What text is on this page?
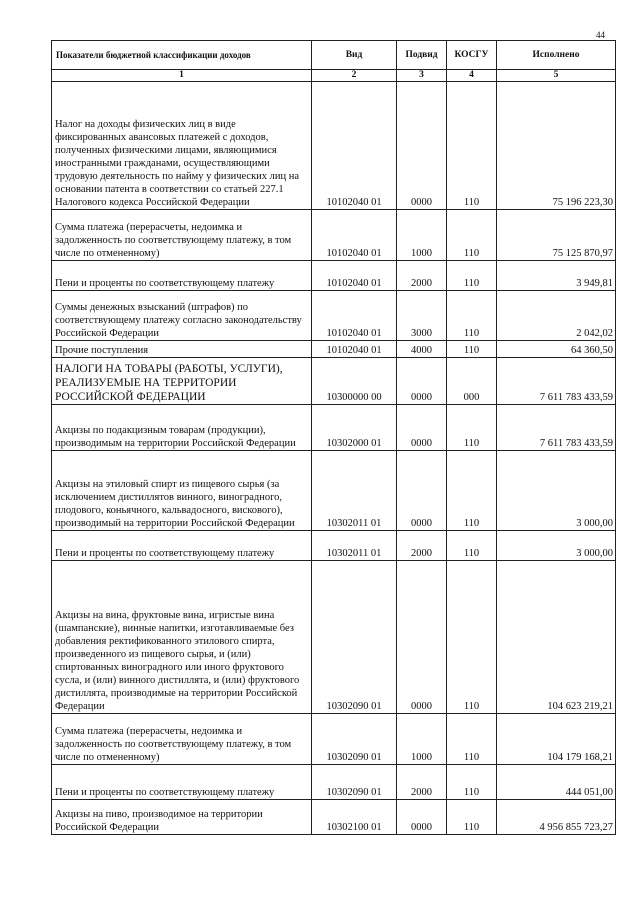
44
Показатели бюджетной классификации доходов	Вид	Подвид	КОСГУ	Исполнено
1	2	3	4	5
Налог на доходы физических лиц в виде фиксированных авансовых платежей с доходов, полученных физическими лицами, являющимися иностранными гражданами, осуществляющими трудовую деятельность по найму у физических лиц на основании патента в соответствии со статьей 227.1 Налогового кодекса Российской Федерации	10102040 01	0000	110	75 196 223,30
Сумма платежа (перерасчеты, недоимка и задолженность по соответствующему платежу, в том числе по отмененному)	10102040 01	1000	110	75 125 870,97
Пени и проценты по соответствующему платежу	10102040 01	2000	110	3 949,81
Суммы денежных взысканий (штрафов) по соответствующему платежу согласно законодательству Российской Федерации	10102040 01	3000	110	2 042,02
Прочие поступления	10102040 01	4000	110	64 360,50
НАЛОГИ НА ТОВАРЫ (РАБОТЫ, УСЛУГИ), РЕАЛИЗУЕМЫЕ НА ТЕРРИТОРИИ РОССИЙСКОЙ ФЕДЕРАЦИИ	10300000 00	0000	000	7 611 783 433,59
Акцизы по подакцизным товарам (продукции), производимым на территории Российской Федерации	10302000 01	0000	110	7 611 783 433,59
Акцизы на этиловый спирт из пищевого сырья (за исключением дистиллятов винного, виноградного, плодового, коньячного, кальвадосного, вискового), производимый на территории Российской Федерации	10302011 01	0000	110	3 000,00
Пени и проценты по соответствующему платежу	10302011 01	2000	110	3 000,00
Акцизы на вина, фруктовые вина, игристые вина (шампанские), винные напитки, изготавливаемые без добавления ректификованного этилового спирта, произведенного из пищевого сырья, и (или) спиртованных виноградного или иного фруктового сусла, и (или) винного дистиллята, и (или) фруктового дистиллята, производимые на территории Российской Федерации	10302090 01	0000	110	104 623 219,21
Сумма платежа (перерасчеты, недоимка и задолженность по соответствующему платежу, в том числе по отмененному)	10302090 01	1000	110	104 179 168,21
Пени и проценты по соответствующему платежу	10302090 01	2000	110	444 051,00
Акцизы на пиво, производимое на территории Российской Федерации	10302100 01	0000	110	4 956 855 723,27
